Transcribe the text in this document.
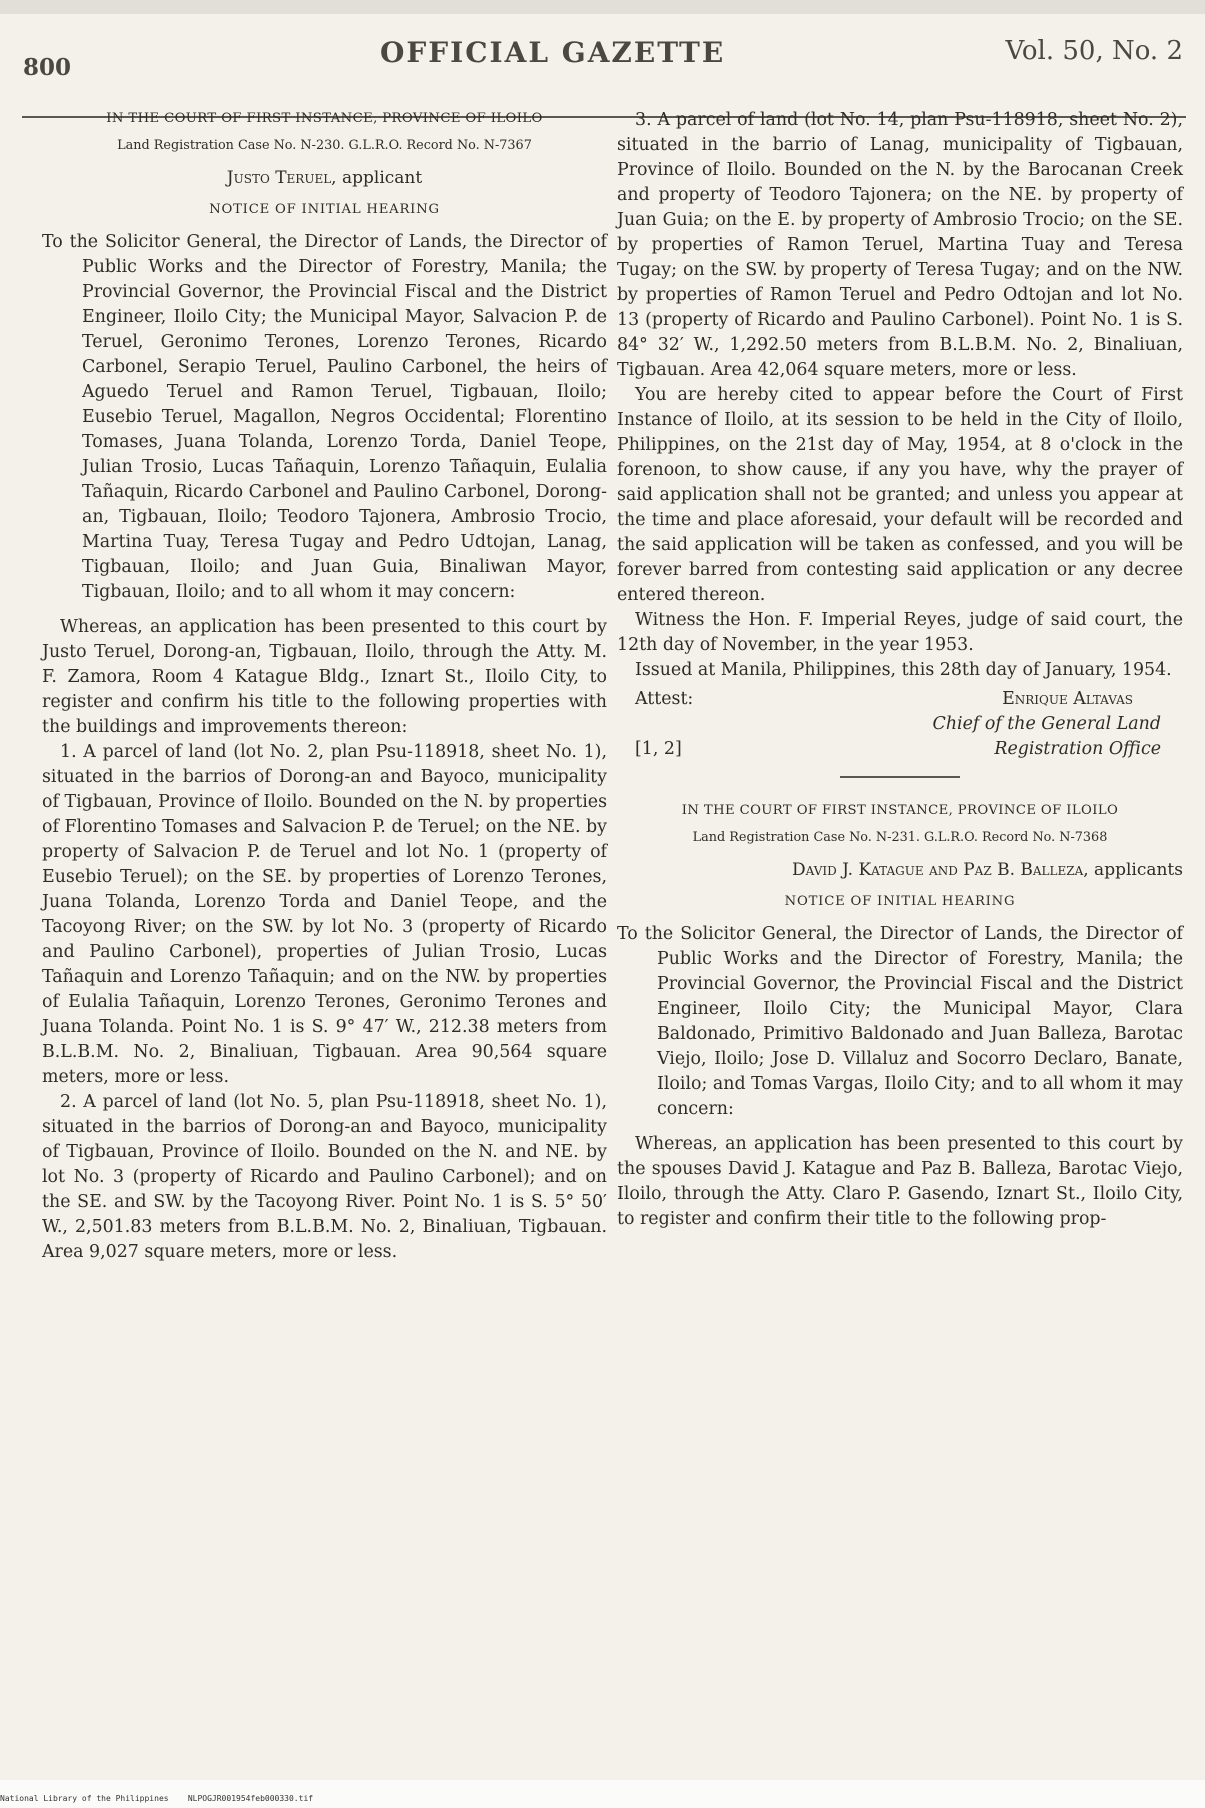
800	OFFICIAL GAZETTE	Vol. 50, No. 2
IN THE COURT OF FIRST INSTANCE, PROVINCE OF ILOILO
Land Registration Case No. N-230. G.L.R.O. Record No. N-7367
Justo Teruel, applicant
NOTICE OF INITIAL HEARING

To the Solicitor General, the Director of Lands, the Director of Public Works and the Director of Forestry, Manila; the Provincial Governor, the Provincial Fiscal and the District Engineer, Iloilo City; the Municipal Mayor, Salvacion P. de Teruel, Geronimo Terones, Lorenzo Terones, Ricardo Carbonel, Serapio Teruel, Paulino Carbonel, the heirs of Aguedo Teruel and Ramon Teruel, Tigbauan, Iloilo; Eusebio Teruel, Magallon, Negros Occidental; Florentino Tomases, Juana Tolanda, Lorenzo Torda, Daniel Teope, Julian Trosio, Lucas Tañaquin, Lorenzo Tañaquin, Eulalia Tañaquin, Ricardo Carbonel and Paulino Carbonel, Dorong-an, Tigbauan, Iloilo; Teodoro Tajonera, Ambrosio Trocio, Martina Tuay, Teresa Tugay and Pedro Udtojan, Lanag, Tigbauan, Iloilo; and Juan Guia, Binaliwan Mayor, Tigbauan, Iloilo; and to all whom it may concern:

Whereas, an application has been presented to this court by Justo Teruel, Dorong-an, Tigbauan, Iloilo, through the Atty. M. F. Zamora, Room 4 Katague Bldg., Iznart St., Iloilo City, to register and confirm his title to the following properties with the buildings and improvements thereon:

1. A parcel of land (lot No. 2, plan Psu-118918, sheet No. 1), situated in the barrios of Dorong-an and Bayoco, municipality of Tigbauan, Province of Iloilo. Bounded on the N. by properties of Florentino Tomases and Salvacion P. de Teruel; on the NE. by property of Salvacion P. de Teruel and lot No. 1 (property of Eusebio Teruel); on the SE. by properties of Lorenzo Terones, Juana Tolanda, Lorenzo Torda and Daniel Teope, and the Tacoyong River; on the SW. by lot No. 3 (property of Ricardo and Paulino Carbonel), properties of Julian Trosio, Lucas Tañaquin and Lorenzo Tañaquin; and on the NW. by properties of Eulalia Tañaquin, Lorenzo Terones, Geronimo Terones and Juana Tolanda. Point No. 1 is S. 9° 47′ W., 212.38 meters from B.L.B.M. No. 2, Binaliuan, Tigbauan. Area 90,564 square meters, more or less.

2. A parcel of land (lot No. 5, plan Psu-118918, sheet No. 1), situated in the barrios of Dorong-an and Bayoco, municipality of Tigbauan, Province of Iloilo. Bounded on the N. and NE. by lot No. 3 (property of Ricardo and Paulino Carbonel); and on the SE. and SW. by the Tacoyong River. Point No. 1 is S. 5° 50′ W., 2,501.83 meters from B.L.B.M. No. 2, Binaliuan, Tigbauan. Area 9,027 square meters, more or less.

3. A parcel of land (lot No. 14, plan Psu-118918, sheet No. 2), situated in the barrio of Lanag, municipality of Tigbauan, Province of Iloilo. Bounded on the N. by the Barocanan Creek and property of Teodoro Tajonera; on the NE. by property of Juan Guia; on the E. by property of Ambrosio Trocio; on the SE. by properties of Ramon Teruel, Martina Tuay and Teresa Tugay; on the SW. by property of Teresa Tugay; and on the NW. by properties of Ramon Teruel and Pedro Odtojan and lot No. 13 (property of Ricardo and Paulino Carbonel). Point No. 1 is S. 84° 32′ W., 1,292.50 meters from B.L.B.M. No. 2, Binaliuan, Tigbauan. Area 42,064 square meters, more or less.

You are hereby cited to appear before the Court of First Instance of Iloilo, at its session to be held in the City of Iloilo, Philippines, on the 21st day of May, 1954, at 8 o'clock in the forenoon, to show cause, if any you have, why the prayer of said application shall not be granted; and unless you appear at the time and place aforesaid, your default will be recorded and the said application will be taken as confessed, and you will be forever barred from contesting said application or any decree entered thereon.

Witness the Hon. F. Imperial Reyes, judge of said court, the 12th day of November, in the year 1953.

Issued at Manila, Philippines, this 28th day of January, 1954.

Attest:	Enrique Altavas
Chief of the General Land
[1, 2]	Registration Office
IN THE COURT OF FIRST INSTANCE, PROVINCE OF ILOILO
Land Registration Case No. N-231. G.L.R.O. Record No. N-7368
David J. Katague and Paz B. Balleza, applicants
NOTICE OF INITIAL HEARING

To the Solicitor General, the Director of Lands, the Director of Public Works and the Director of Forestry, Manila; the Provincial Governor, the Provincial Fiscal and the District Engineer, Iloilo City; the Municipal Mayor, Clara Baldonado, Primitivo Baldonado and Juan Balleza, Barotac Viejo, Iloilo; Jose D. Villaluz and Socorro Declaro, Banate, Iloilo; and Tomas Vargas, Iloilo City; and to all whom it may concern:

Whereas, an application has been presented to this court by the spouses David J. Katague and Paz B. Balleza, Barotac Viejo, Iloilo, through the Atty. Claro P. Gasendo, Iznart St., Iloilo City, to register and confirm their title to the following prop-

National Library of the Philippines NLPOGJR001954feb000330.tif
